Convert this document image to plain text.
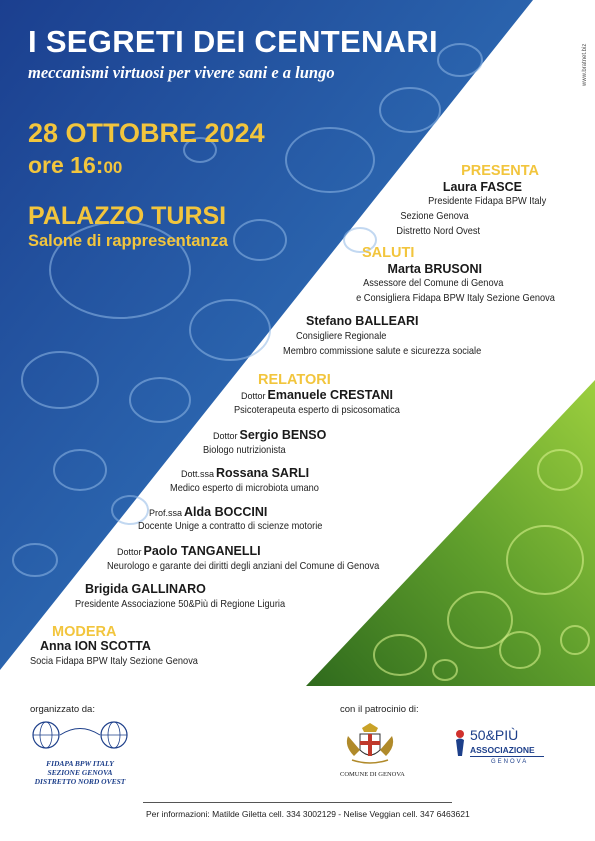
www.bratnet.biz
I SEGRETI DEI CENTENARI
meccanismi virtuosi per vivere sani e a lungo
28 OTTOBRE 2024
ore 16:00
PALAZZO TURSI
Salone di rappresentanza
PRESENTA
Laura FASCE
Presidente Fidapa BPW Italy
Sezione Genova
Distretto Nord Ovest
SALUTI
Marta BRUSONI
Assessore del Comune di Genova
e Consigliera Fidapa BPW Italy Sezione Genova
Stefano BALLEARI
Consigliere Regionale
Membro commissione salute e sicurezza sociale
RELATORI
Dottor Emanuele CRESTANI
Psicoterapeuta esperto di psicosomatica
Dottor Sergio BENSO
Biologo nutrizionista
Dott.ssa Rossana SARLI
Medico esperto di microbiota umano
Prof.ssa Alda BOCCINI
Docente Unige a contratto di scienze motorie
Dottor Paolo TANGANELLI
Neurologo e garante dei diritti degli anziani del Comune di Genova
Brigida GALLINARO
Presidente Associazione 50&Più di Regione Liguria
MODERA
Anna ION SCOTTA
Socia Fidapa BPW Italy Sezione Genova
organizzato da:
FIDAPA BPW ITALY
SEZIONE GENOVA
DISTRETTO NORD OVEST
con il patrocinio di:
COMUNE DI GENOVA
50&PIÙ
ASSOCIAZIONE
GENOVA
Per informazioni: Matilde Giletta cell. 334 3002129 - Nelise Veggian cell. 347 6463621
